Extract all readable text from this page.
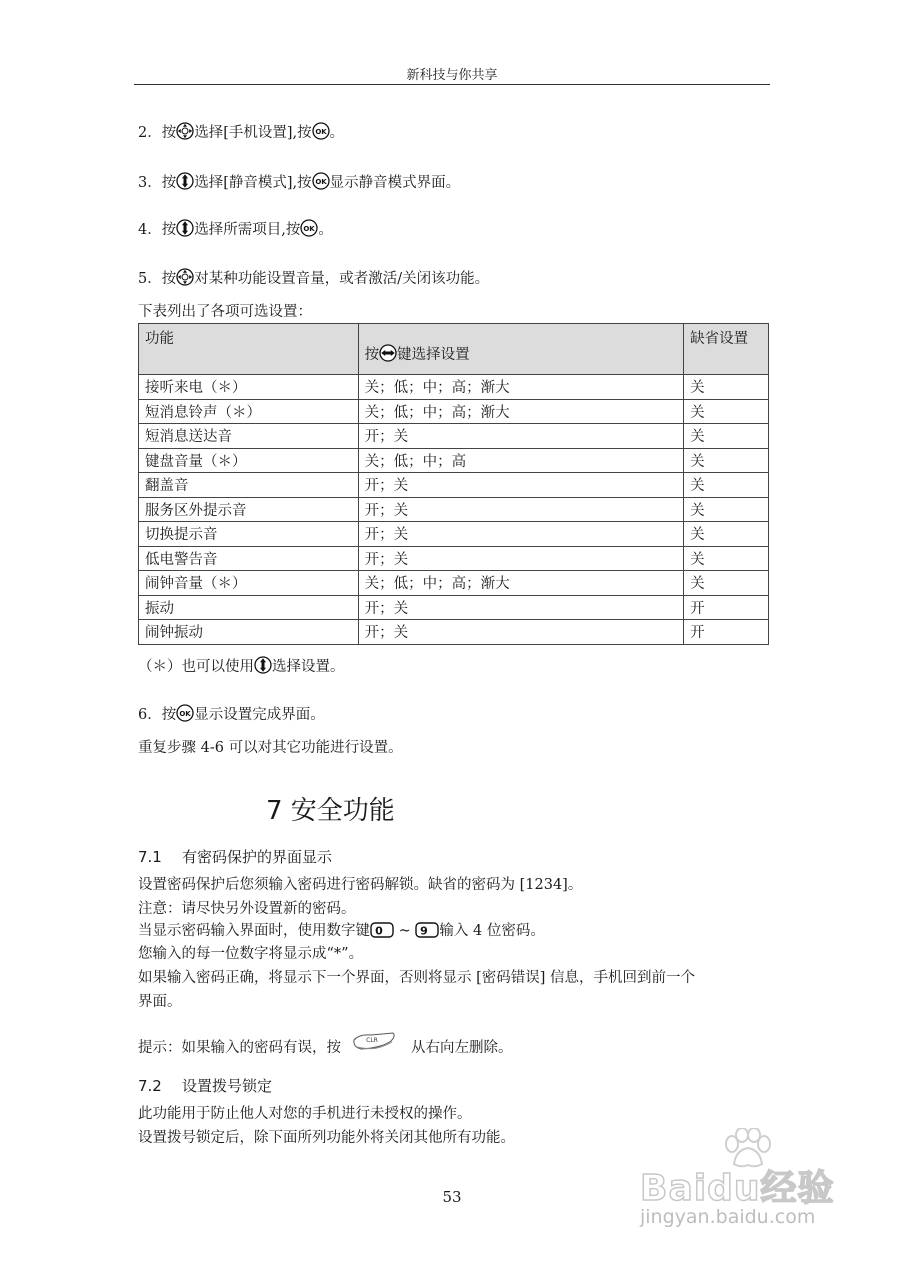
新科技与你共享
2．按 选择[手机设置],按 OK 。
3．按 选择[静音模式],按 OK 显示静音模式界面。
4．按 选择所需项目,按 OK 。
5．按 对某种功能设置音量，或者激活/关闭该功能。
下表列出了各项可选设置：
功能	按 键选择设置	缺省设置
接听来电（＊）	关；低；中；高；渐大	关
短消息铃声（＊）	关；低；中；高；渐大	关
短消息送达音	开；关	关
键盘音量（＊）	关；低；中；高	关
翻盖音	开；关	关
服务区外提示音	开；关	关
切换提示音	开；关	关
低电警告音	开；关	关
闹钟音量（＊）	关；低；中；高；渐大	关
振动	开；关	开
闹钟振动	开；关	开
（＊）也可以使用 选择设置。
6．按 OK 显示设置完成界面。
重复步骤 4-6 可以对其它功能进行设置。
7 安全功能
7.1 有密码保护的界面显示
设置密码保护后您须输入密码进行密码解锁。缺省的密码为 [1234]。
注意：请尽快另外设置新的密码。
当显示密码输入界面时，使用数字键 0 ~ 9 输入 4 位密码。
您输入的每一位数字将显示成“*”。
如果输入密码正确，将显示下一个界面，否则将显示 [密码错误] 信息，手机回到前一个
界面。
提示：如果输入的密码有误，按	CLR 从右向左删除。
7.2 设置拨号锁定
此功能用于防止他人对您的手机进行未授权的操作。
设置拨号锁定后，除下面所列功能外将关闭其他所有功能。
53	Baidu经验
jingyan.baidu.com
